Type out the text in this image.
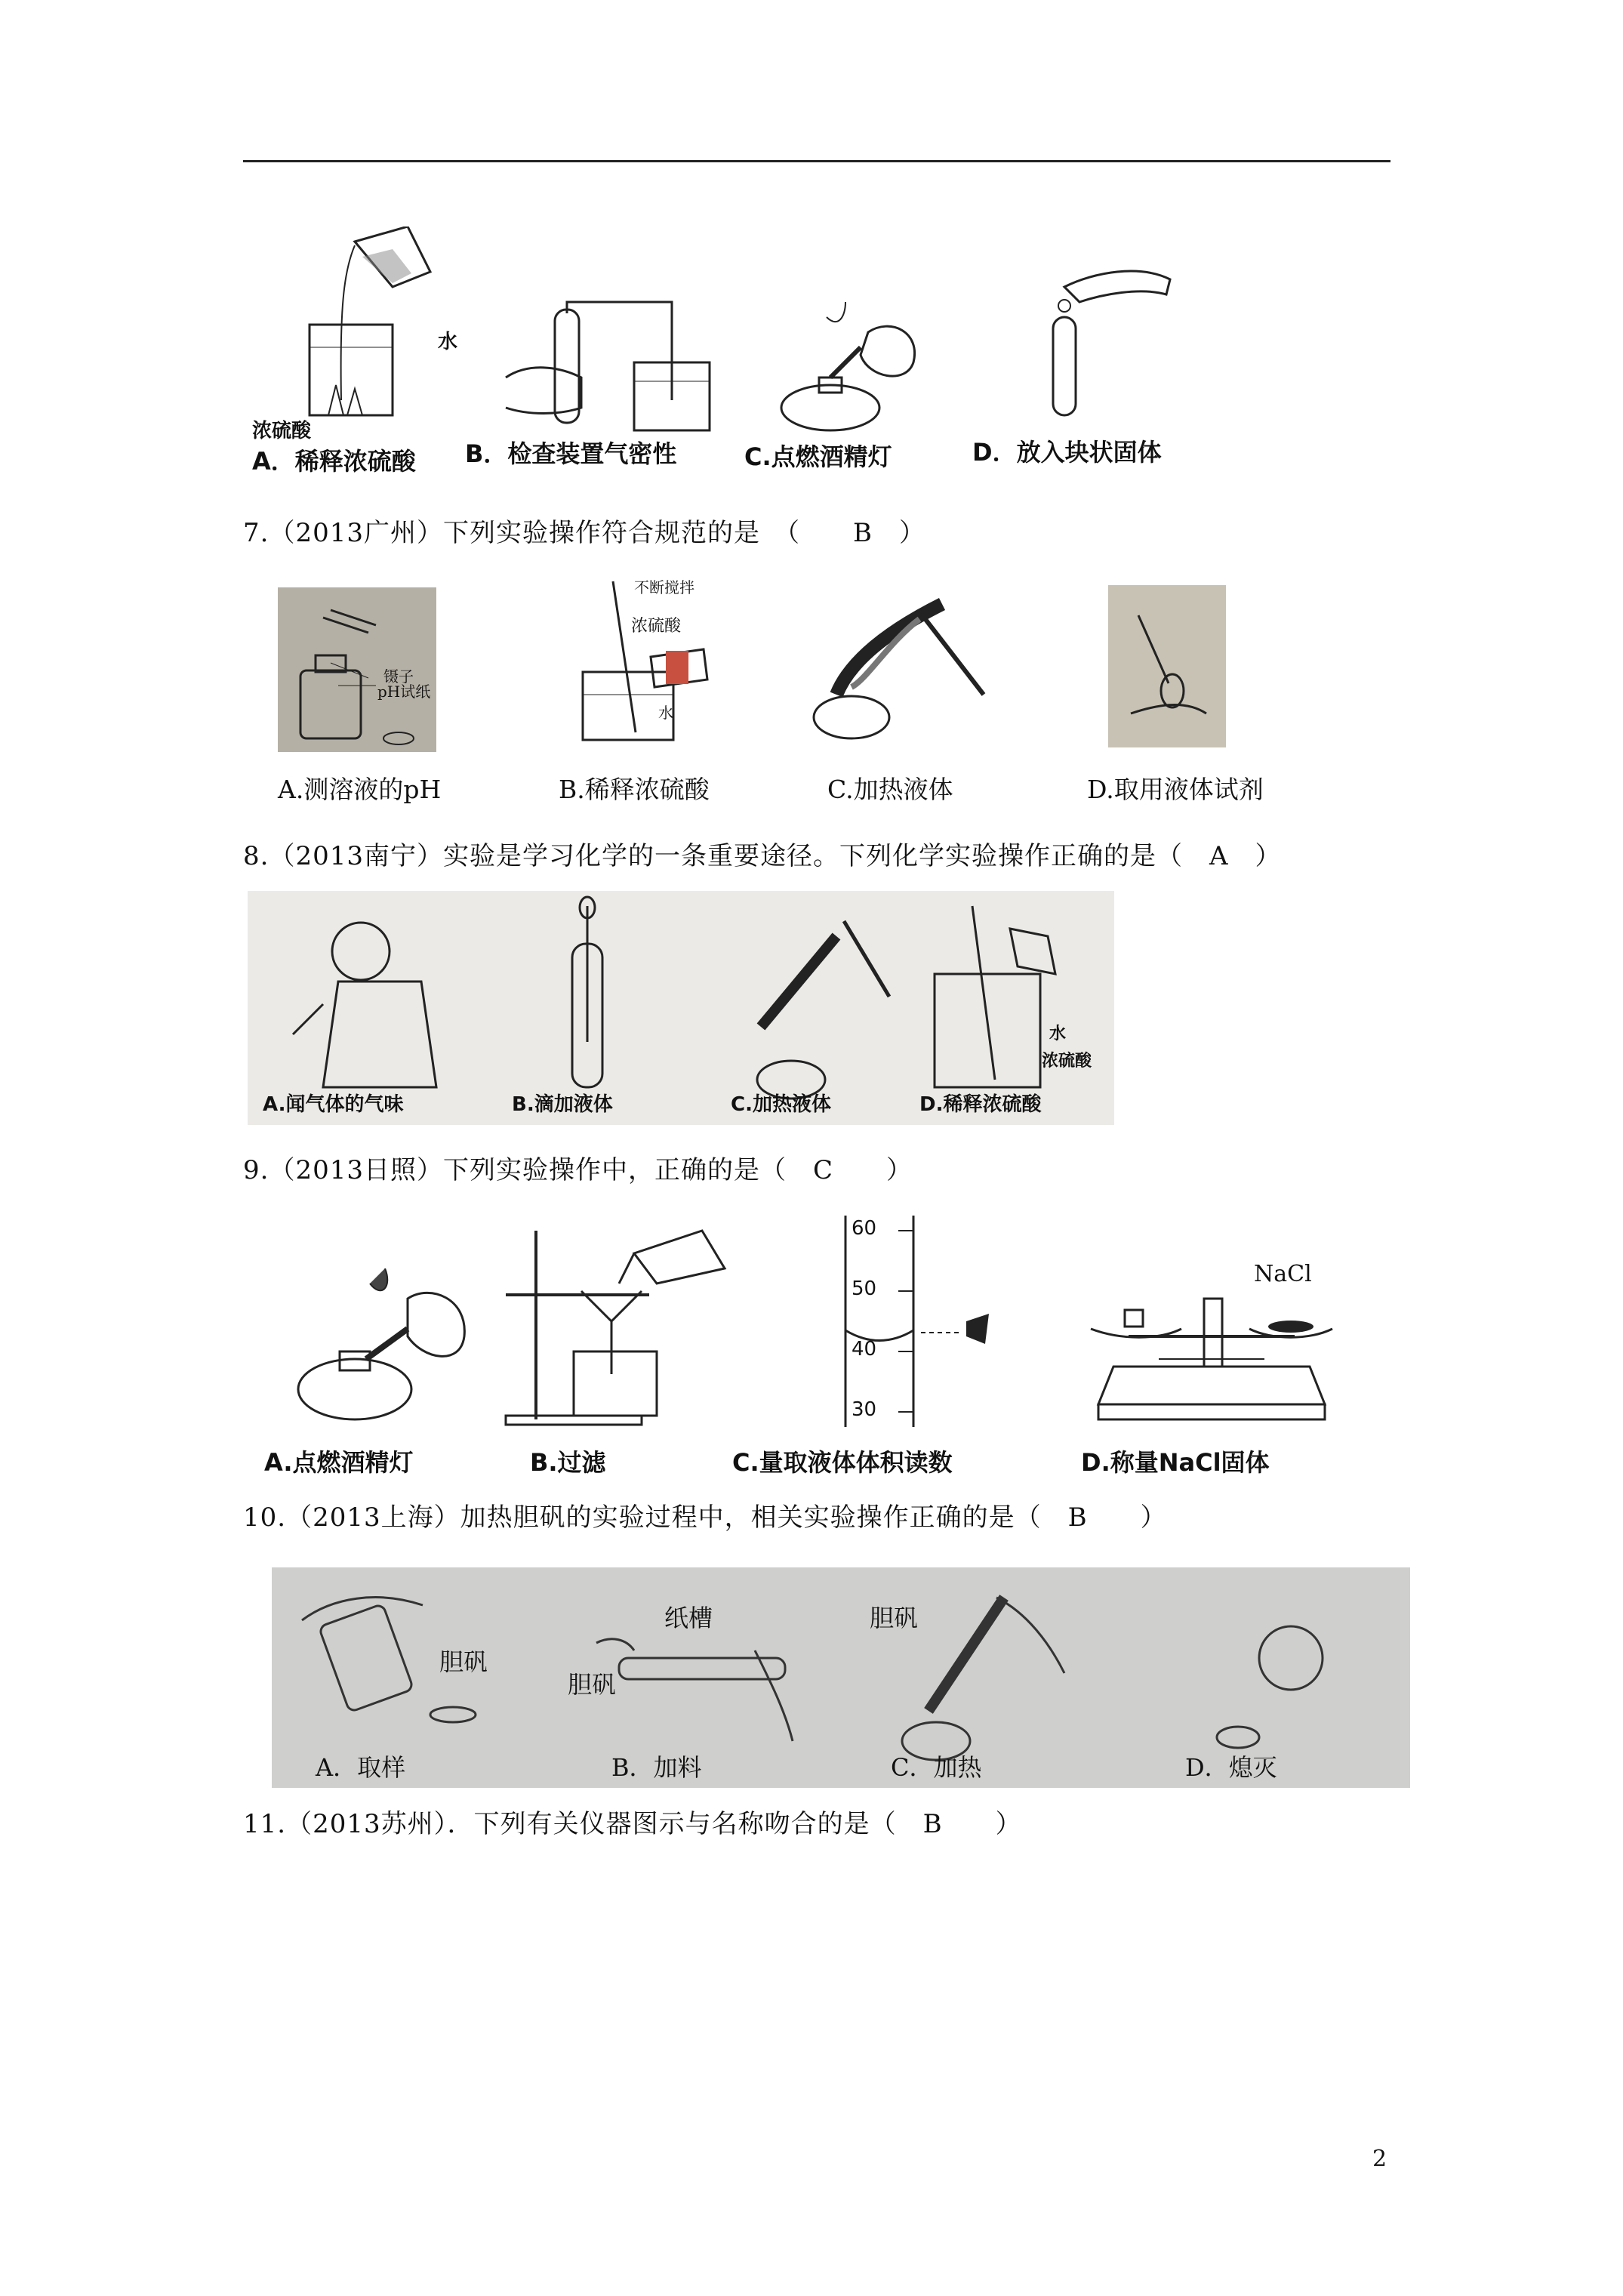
水
浓硫酸
A．稀释浓硫酸 B．检查装置气密性	C.点燃酒精灯	D．放入块状固体
7.（2013广州）下列实验操作符合规范的是　（　　B　）
镊子
pH试纸
不断搅拌
浓硫酸
水
A.测溶液的pH	B.稀释浓硫酸	C.加热液体	D.取用液体试剂
8.（2013南宁）实验是学习化学的一条重要途径。下列化学实验操作正确的是（　A　）
水
浓硫酸
A.闻气体的气味	B.滴加液体	C.加热液体	D.稀释浓硫酸
9.（2013日照）下列实验操作中，正确的是（　C　　）
60
50
40
30
NaCl
A.点燃酒精灯	B.过滤	C.量取液体体积读数	D.称量NaCl固体
10.（2013上海）加热胆矾的实验过程中，相关实验操作正确的是（　B　　）
胆矾
纸槽
胆矾
胆矾
A．取样	B．加料	C．加热	D．熄灭
11.（2013苏州）．下列有关仪器图示与名称吻合的是（　B　　）
2
